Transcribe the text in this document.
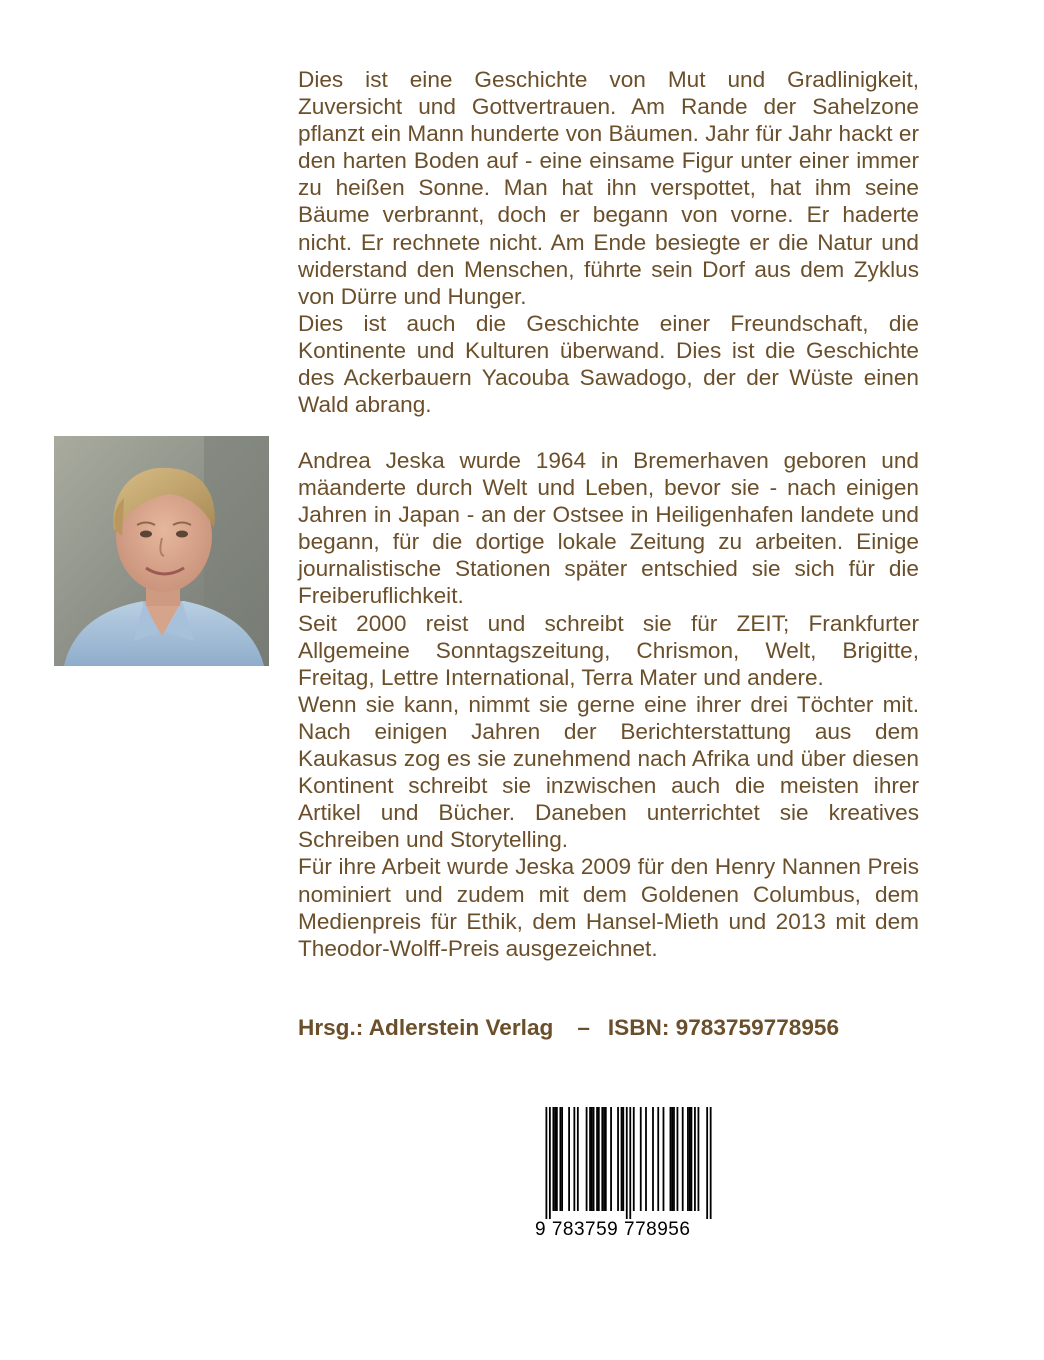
Dies ist eine Geschichte von Mut und Gradlinigkeit, Zuversicht und Gottvertrauen. Am Rande der Sahelzone pflanzt ein Mann hunderte von Bäumen. Jahr für Jahr hackt er den harten Boden auf - eine einsame Figur unter einer immer zu heißen Sonne. Man hat ihn verspottet, hat ihm seine Bäume verbrannt, doch er begann von vorne. Er haderte nicht. Er rechnete nicht. Am Ende besiegte er die Natur und widerstand den Menschen, führte sein Dorf aus dem Zyklus von Dürre und Hunger.

Dies ist auch die Geschichte einer Freundschaft, die Kontinente und Kulturen überwand. Dies ist die Geschichte des Ackerbauern Yacouba Sawadogo, der der Wüste einen Wald abrang.

Andrea Jeska wurde 1964 in Bremerhaven geboren und mäanderte durch Welt und Leben, bevor sie - nach einigen Jahren in Japan - an der Ostsee in Heiligenhafen landete und begann, für die dortige lokale Zeitung zu arbeiten. Einige journalistische Stationen später entschied sie sich für die Freiberuflichkeit.

Seit 2000 reist und schreibt sie für ZEIT; Frankfurter Allgemeine Sonntagszeitung, Chrismon, Welt, Brigitte, Freitag, Lettre International, Terra Mater und andere.

Wenn sie kann, nimmt sie gerne eine ihrer drei Töchter mit. Nach einigen Jahren der Berichterstattung aus dem Kaukasus zog es sie zunehmend nach Afrika und über diesen Kontinent schreibt sie inzwischen auch die meisten ihrer Artikel und Bücher. Daneben unterrichtet sie kreatives Schreiben und Storytelling.

Für ihre Arbeit wurde Jeska 2009 für den Henry Nannen Preis nominiert und zudem mit dem Goldenen Columbus, dem Medienpreis für Ethik, dem Hansel-Mieth und 2013 mit dem Theodor-Wolff-Preis ausgezeichnet.

Hrsg.: Adlerstein Verlag – ISBN: 9783759778956
9 783759 778956
